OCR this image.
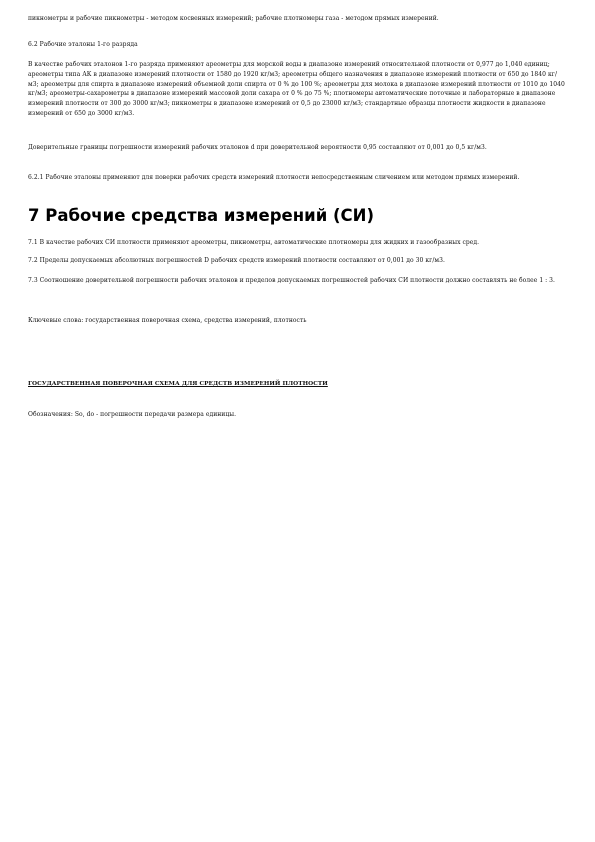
пикнометры и рабочие пикнометры - методом косвенных измерений; рабочие плотномеры газа - методом прямых измерений.

6.2 Рабочие эталоны 1-го разряда

В качестве рабочих эталонов 1-го разряда применяют ареометры для морской воды в диапазоне измерений относительной плотности от 0,977 до 1,040 единиц; ареометры типа АК в диапазоне измерений плотности от 1580 до 1920 кг/м3; ареометры общего назначения в диапазоне измерений плотности от 650 до 1840 кг/м3; ареометры для спирта в диапазоне измерений объемной доли спирта от 0 % до 100 %; ареометры для молока в диапазоне измерений плотности от 1010 до 1040 кг/м3; ареометры-сахарометры в диапазоне измерений массовой доли сахара от 0 % до 75 %; плотномеры автоматические поточные и лабораторные в диапазоне измерений плотности от 300 до 3000 кг/м3; пикнометры в диапазоне измерений от 0,5 до 23000 кг/м3; стандартные образцы плотности жидкости в диапазоне измерений от 650 до 3000 кг/м3.

Доверительные границы погрешности измерений рабочих эталонов d при доверительной вероятности 0,95 составляют от 0,001 до 0,5 кг/м3.

6.2.1 Рабочие эталоны применяют для поверки рабочих средств измерений плотности непосредственным сличением или методом прямых измерений.

7 Рабочие средства измерений (СИ)

7.1 В качестве рабочих СИ плотности применяют ареометры, пикнометры, автоматические плотномеры для жидких и газообразных сред.

7.2 Пределы допускаемых абсолютных погрешностей D рабочих средств измерений плотности составляют от 0,001 до 30 кг/м3.

7.3 Соотношение доверительной погрешности рабочих эталонов и пределов допускаемых погрешностей рабочих СИ плотности должно составлять не более 1 : 3.

Ключевые слова: государственная поверочная схема, средства измерений, плотность

ГОСУДАРСТВЕННАЯ ПОВЕРОЧНАЯ СХЕМА ДЛЯ СРЕДСТВ ИЗМЕРЕНИЙ ПЛОТНОСТИ

Обозначения: So, do - погрешности передачи размера единицы.
